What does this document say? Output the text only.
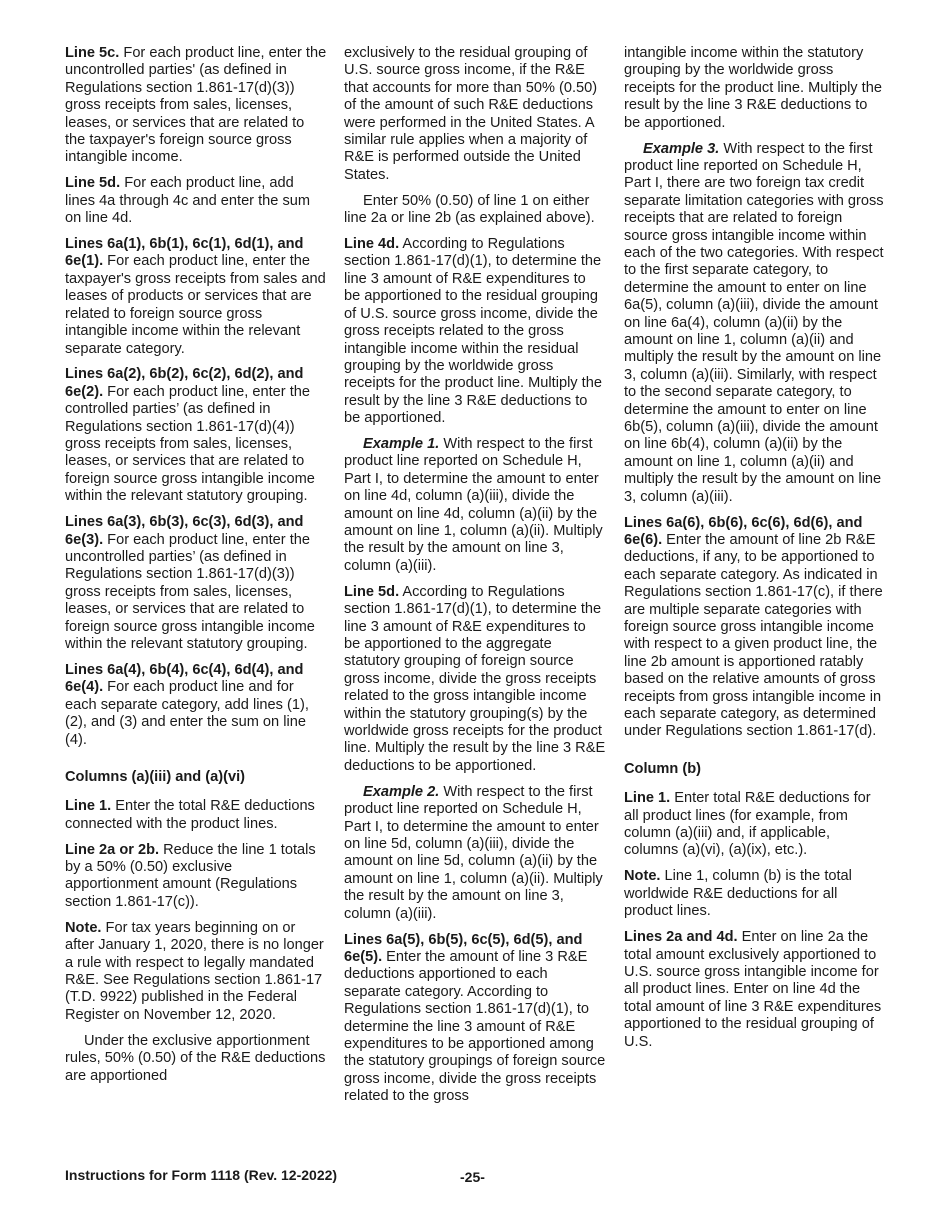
Line 5c. For each product line, enter the uncontrolled parties' (as defined in Regulations section 1.861-17(d)(3)) gross receipts from sales, licenses, leases, or services that are related to the taxpayer's foreign source gross intangible income.

Line 5d. For each product line, add lines 4a through 4c and enter the sum on line 4d.

Lines 6a(1), 6b(1), 6c(1), 6d(1), and 6e(1). For each product line, enter the taxpayer's gross receipts from sales and leases of products or services that are related to foreign source gross intangible income within the relevant separate category.

Lines 6a(2), 6b(2), 6c(2), 6d(2), and 6e(2). For each product line, enter the controlled parties’ (as defined in Regulations section 1.861-17(d)(4)) gross receipts from sales, licenses, leases, or services that are related to foreign source gross intangible income within the relevant statutory grouping.

Lines 6a(3), 6b(3), 6c(3), 6d(3), and 6e(3). For each product line, enter the uncontrolled parties’ (as defined in Regulations section 1.861-17(d)(3)) gross receipts from sales, licenses, leases, or services that are related to foreign source gross intangible income within the relevant statutory grouping.

Lines 6a(4), 6b(4), 6c(4), 6d(4), and 6e(4). For each product line and for each separate category, add lines (1), (2), and (3) and enter the sum on line (4).

Columns (a)(iii) and (a)(vi)

Line 1. Enter the total R&E deductions connected with the product lines.

Line 2a or 2b. Reduce the line 1 totals by a 50% (0.50) exclusive apportionment amount (Regulations section 1.861-17(c)).

Note. For tax years beginning on or after January 1, 2020, there is no longer a rule with respect to legally mandated R&E. See Regulations section 1.861-17 (T.D. 9922) published in the Federal Register on November 12, 2020.

Under the exclusive apportionment rules, 50% (0.50) of the R&E deductions are apportioned

exclusively to the residual grouping of U.S. source gross income, if the R&E that accounts for more than 50% (0.50) of the amount of such R&E deductions were performed in the United States. A similar rule applies when a majority of R&E is performed outside the United States.

Enter 50% (0.50) of line 1 on either line 2a or line 2b (as explained above).

Line 4d. According to Regulations section 1.861-17(d)(1), to determine the line 3 amount of R&E expenditures to be apportioned to the residual grouping of U.S. source gross income, divide the gross receipts related to the gross intangible income within the residual grouping by the worldwide gross receipts for the product line. Multiply the result by the line 3 R&E deductions to be apportioned.

Example 1. With respect to the first product line reported on Schedule H, Part I, to determine the amount to enter on line 4d, column (a)(iii), divide the amount on line 4d, column (a)(ii) by the amount on line 1, column (a)(ii). Multiply the result by the amount on line 3, column (a)(iii).

Line 5d. According to Regulations section 1.861-17(d)(1), to determine the line 3 amount of R&E expenditures to be apportioned to the aggregate statutory grouping of foreign source gross income, divide the gross receipts related to the gross intangible income within the statutory grouping(s) by the worldwide gross receipts for the product line. Multiply the result by the line 3 R&E deductions to be apportioned.

Example 2. With respect to the first product line reported on Schedule H, Part I, to determine the amount to enter on line 5d, column (a)(iii), divide the amount on line 5d, column (a)(ii) by the amount on line 1, column (a)(ii). Multiply the result by the amount on line 3, column (a)(iii).

Lines 6a(5), 6b(5), 6c(5), 6d(5), and 6e(5). Enter the amount of line 3 R&E deductions apportioned to each separate category. According to Regulations section 1.861-17(d)(1), to determine the line 3 amount of R&E expenditures to be apportioned among the statutory groupings of foreign source gross income, divide the gross receipts related to the gross

intangible income within the statutory grouping by the worldwide gross receipts for the product line. Multiply the result by the line 3 R&E deductions to be apportioned.

Example 3. With respect to the first product line reported on Schedule H, Part I, there are two foreign tax credit separate limitation categories with gross receipts that are related to foreign source gross intangible income within each of the two categories. With respect to the first separate category, to determine the amount to enter on line 6a(5), column (a)(iii), divide the amount on line 6a(4), column (a)(ii) by the amount on line 1, column (a)(ii) and multiply the result by the amount on line 3, column (a)(iii). Similarly, with respect to the second separate category, to determine the amount to enter on line 6b(5), column (a)(iii), divide the amount on line 6b(4), column (a)(ii) by the amount on line 1, column (a)(ii) and multiply the result by the amount on line 3, column (a)(iii).

Lines 6a(6), 6b(6), 6c(6), 6d(6), and 6e(6). Enter the amount of line 2b R&E deductions, if any, to be apportioned to each separate category. As indicated in Regulations section 1.861-17(c), if there are multiple separate categories with foreign source gross intangible income with respect to a given product line, the line 2b amount is apportioned ratably based on the relative amounts of gross receipts from gross intangible income in each separate category, as determined under Regulations section 1.861-17(d).

Column (b)

Line 1. Enter total R&E deductions for all product lines (for example, from column (a)(iii) and, if applicable, columns (a)(vi), (a)(ix), etc.).

Note. Line 1, column (b) is the total worldwide R&E deductions for all product lines.

Lines 2a and 4d. Enter on line 2a the total amount exclusively apportioned to U.S. source gross intangible income for all product lines. Enter on line 4d the total amount of line 3 R&E expenditures apportioned to the residual grouping of U.S.

Instructions for Form 1118 (Rev. 12-2022)	-25-
